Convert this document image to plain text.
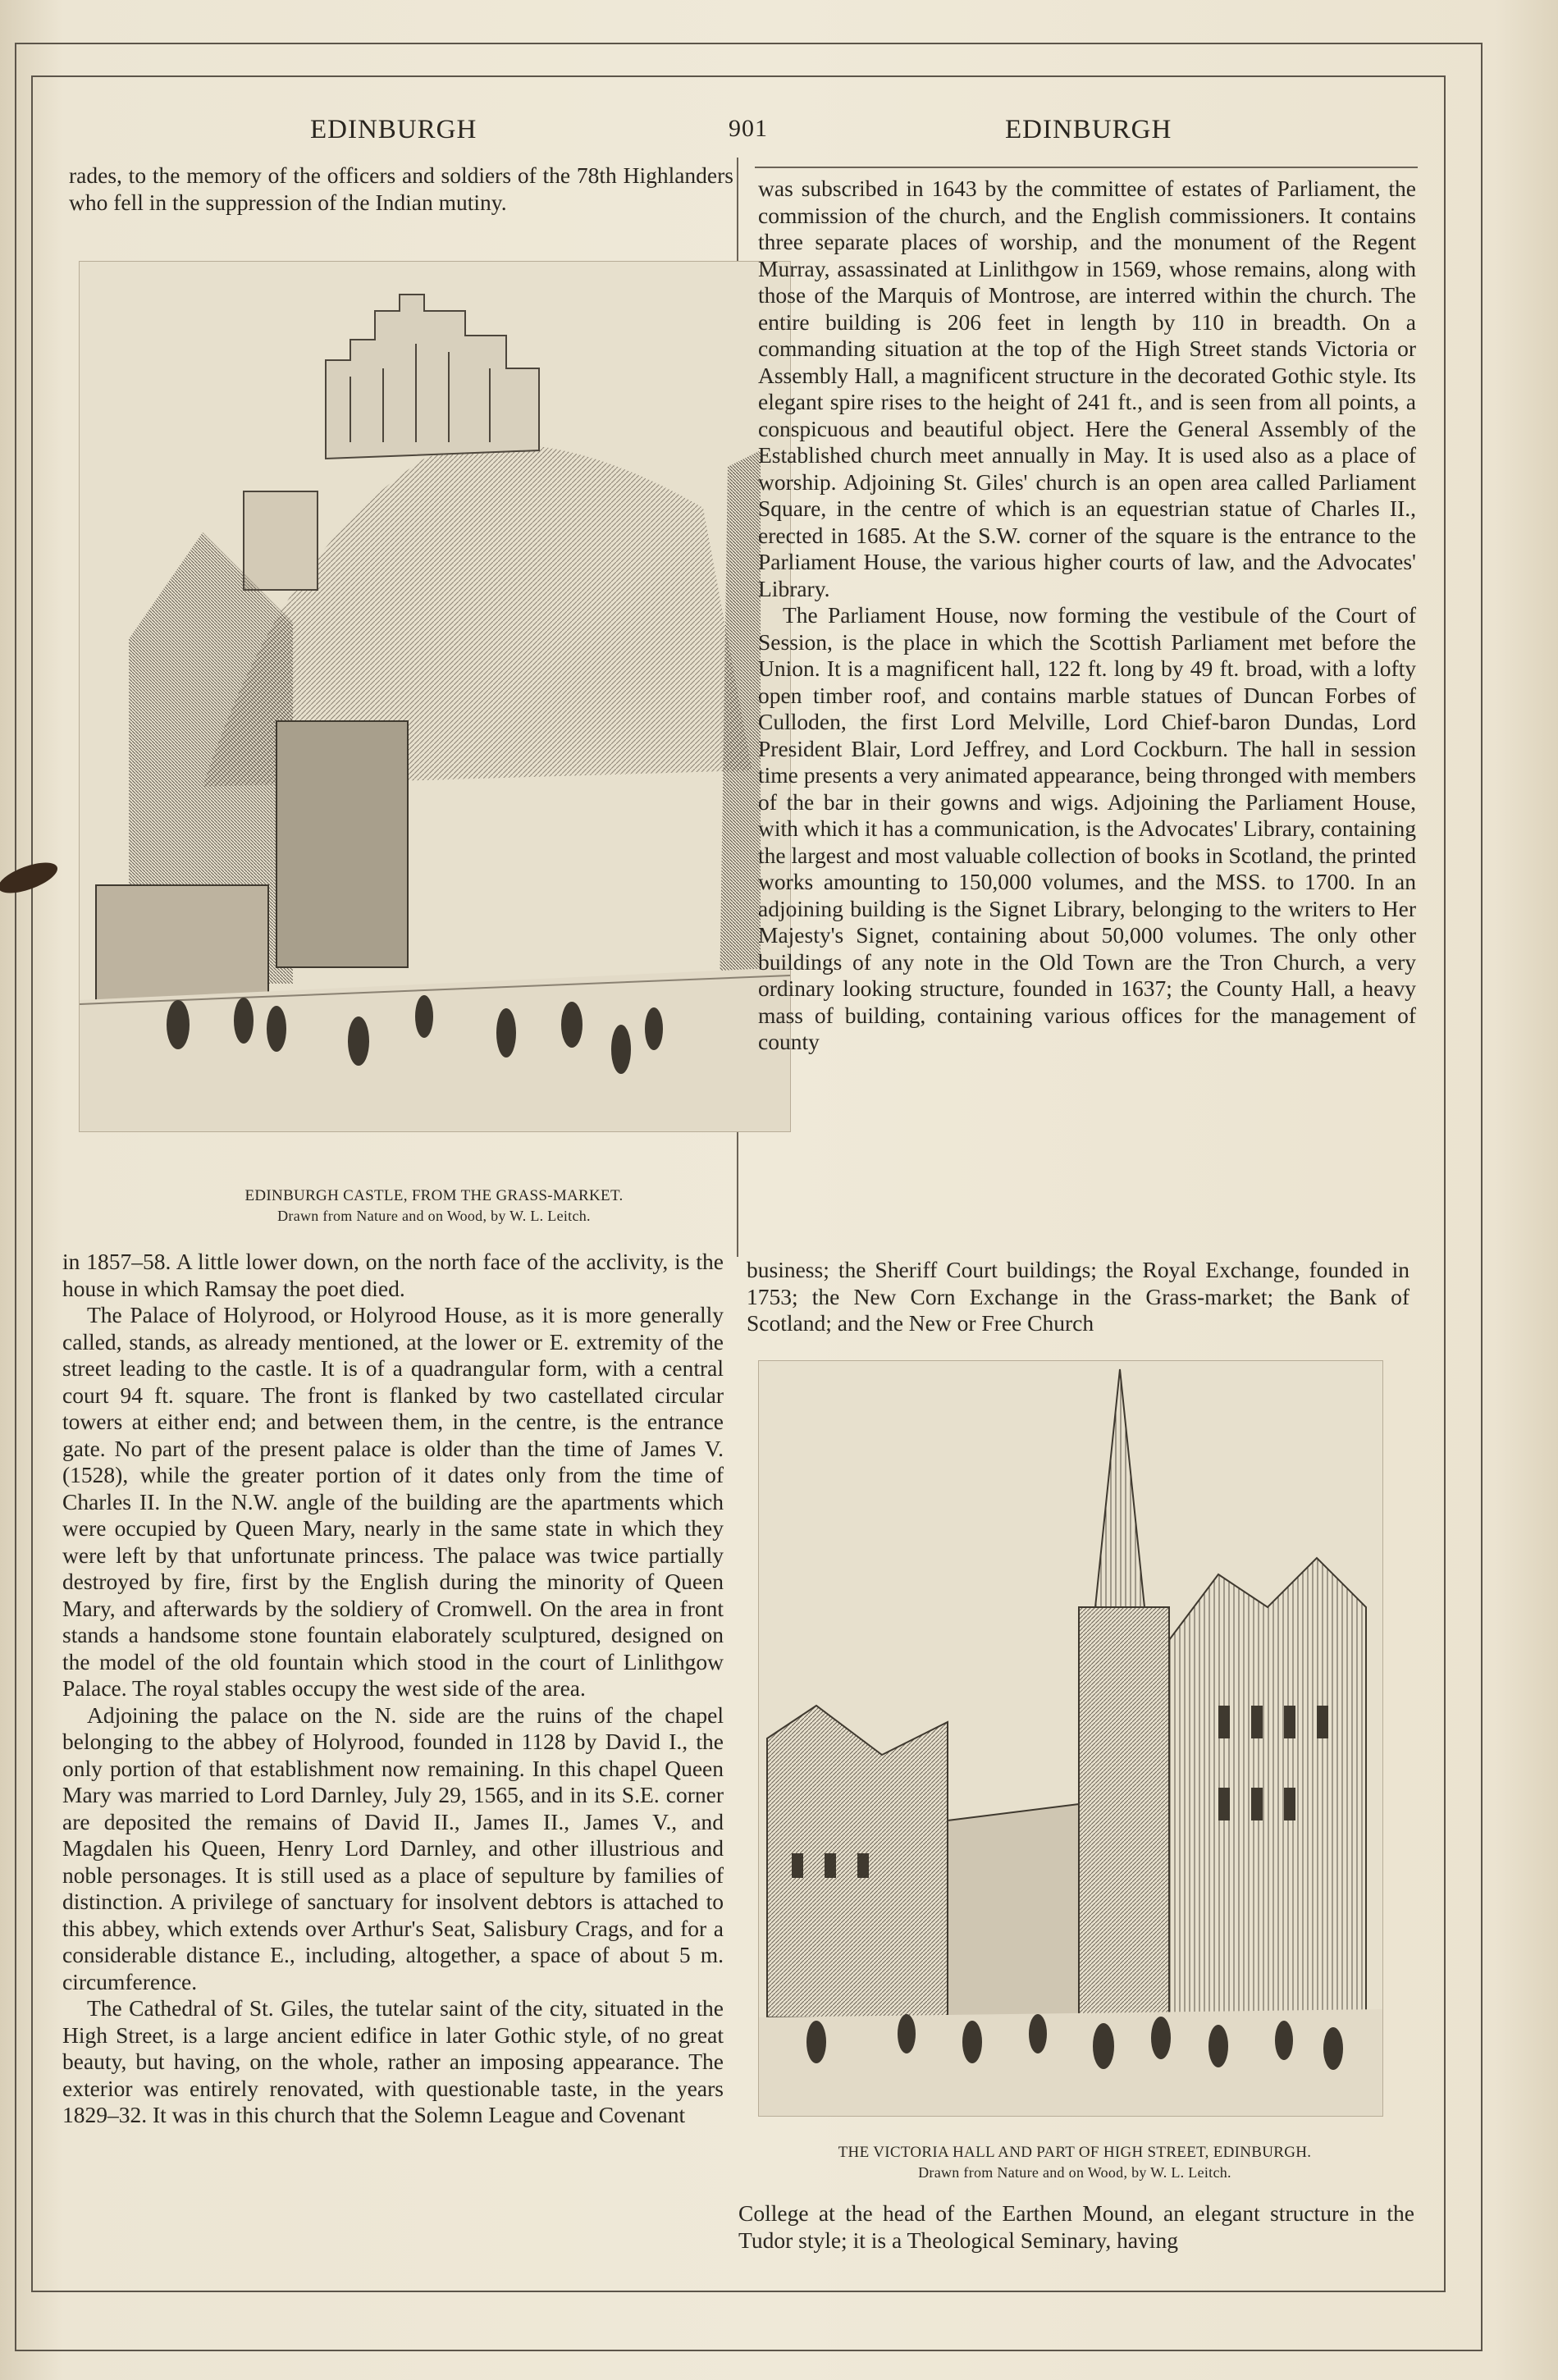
EDINBURGH	901	EDINBURGH

rades, to the memory of the officers and soldiers of the 78th Highlanders who fell in the suppression of the Indian mutiny.

EDINBURGH CASTLE, FROM THE GRASS-MARKET.
Drawn from Nature and on Wood, by W. L. Leitch.

in 1857–58. A little lower down, on the north face of the acclivity, is the house in which Ramsay the poet died.

The Palace of Holyrood, or Holyrood House, as it is more generally called, stands, as already mentioned, at the lower or E. extremity of the street leading to the castle. It is of a quadrangular form, with a central court 94 ft. square. The front is flanked by two castellated circular towers at either end; and between them, in the centre, is the entrance gate. No part of the present palace is older than the time of James V. (1528), while the greater portion of it dates only from the time of Charles II. In the N.W. angle of the building are the apartments which were occupied by Queen Mary, nearly in the same state in which they were left by that unfortunate princess. The palace was twice partially destroyed by fire, first by the English during the minority of Queen Mary, and afterwards by the soldiery of Cromwell. On the area in front stands a handsome stone fountain elaborately sculptured, designed on the model of the old fountain which stood in the court of Linlithgow Palace. The royal stables occupy the west side of the area.

Adjoining the palace on the N. side are the ruins of the chapel belonging to the abbey of Holyrood, founded in 1128 by David I., the only portion of that establishment now remaining. In this chapel Queen Mary was married to Lord Darnley, July 29, 1565, and in its S.E. corner are deposited the remains of David II., James II., James V., and Magdalen his Queen, Henry Lord Darnley, and other illustrious and noble personages. It is still used as a place of sepulture by families of distinction. A privilege of sanctuary for insolvent debtors is attached to this abbey, which extends over Arthur's Seat, Salisbury Crags, and for a considerable distance E., including, altogether, a space of about 5 m. circumference.

The Cathedral of St. Giles, the tutelar saint of the city, situated in the High Street, is a large ancient edifice in later Gothic style, of no great beauty, but having, on the whole, rather an imposing appearance. The exterior was entirely renovated, with questionable taste, in the years 1829–32. It was in this church that the Solemn League and Covenant

was subscribed in 1643 by the committee of estates of Parliament, the commission of the church, and the English commissioners. It contains three separate places of worship, and the monument of the Regent Murray, assassinated at Linlithgow in 1569, whose remains, along with those of the Marquis of Montrose, are interred within the church. The entire building is 206 feet in length by 110 in breadth. On a commanding situation at the top of the High Street stands Victoria or Assembly Hall, a magnificent structure in the decorated Gothic style. Its elegant spire rises to the height of 241 ft., and is seen from all points, a conspicuous and beautiful object. Here the General Assembly of the Established church meet annually in May. It is used also as a place of worship. Adjoining St. Giles' church is an open area called Parliament Square, in the centre of which is an equestrian statue of Charles II., erected in 1685. At the S.W. corner of the square is the entrance to the Parliament House, the various higher courts of law, and the Advocates' Library.

The Parliament House, now forming the vestibule of the Court of Session, is the place in which the Scottish Parliament met before the Union. It is a magnificent hall, 122 ft. long by 49 ft. broad, with a lofty open timber roof, and contains marble statues of Duncan Forbes of Culloden, the first Lord Melville, Lord Chief-baron Dundas, Lord President Blair, Lord Jeffrey, and Lord Cockburn. The hall in session time presents a very animated appearance, being thronged with members of the bar in their gowns and wigs. Adjoining the Parliament House, with which it has a communication, is the Advocates' Library, containing the largest and most valuable collection of books in Scotland, the printed works amounting to 150,000 volumes, and the MSS. to 1700. In an adjoining building is the Signet Library, belonging to the writers to Her Majesty's Signet, containing about 50,000 volumes. The only other buildings of any note in the Old Town are the Tron Church, a very ordinary looking structure, founded in 1637; the County Hall, a heavy mass of building, containing various offices for the management of county

business; the Sheriff Court buildings; the Royal Exchange, founded in 1753; the New Corn Exchange in the Grass-market; the Bank of Scotland; and the New or Free Church

THE VICTORIA HALL AND PART OF HIGH STREET, EDINBURGH.
Drawn from Nature and on Wood, by W. L. Leitch.

College at the head of the Earthen Mound, an elegant structure in the Tudor style; it is a Theological Seminary, having
